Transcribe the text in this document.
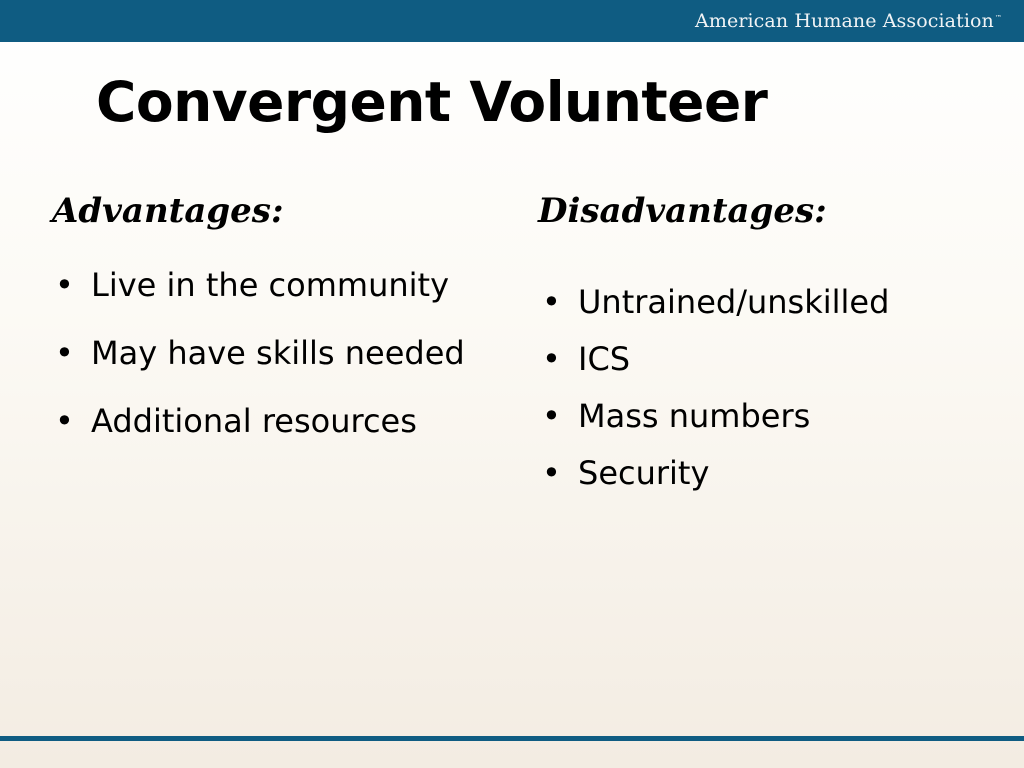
American Humane Association™
Convergent Volunteer
Advantages:
• Live in the community
• May have skills needed
• Additional resources
Disadvantages:
• Untrained/unskilled
• ICS
• Mass numbers
• Security
